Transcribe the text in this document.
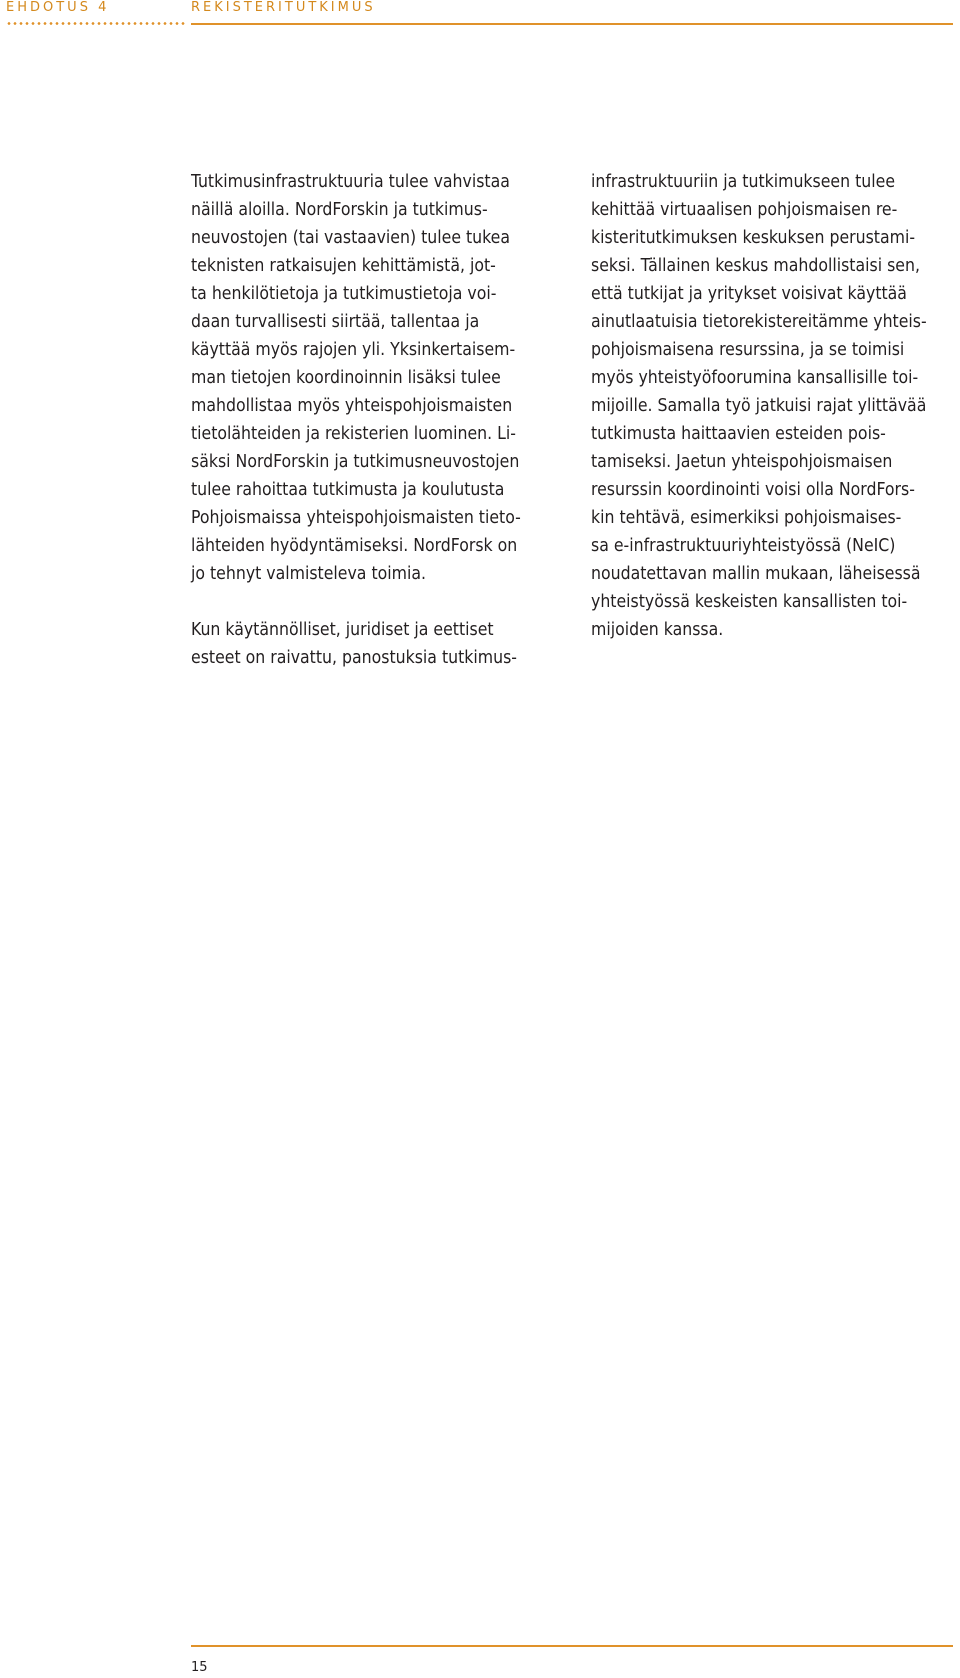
EHDOTUS 4	REKISTERITUTKIMUS
Tutkimusinfrastruktuuria tulee vahvistaa
näillä aloilla. NordForskin ja tutkimus-
neuvostojen (tai vastaavien) tulee tukea
teknisten ratkaisujen kehittämistä, jot-
ta henkilötietoja ja tutkimustietoja voi-
daan turvallisesti siirtää, tallentaa ja
käyttää myös rajojen yli. Yksinkertaisem-
man tietojen koordinoinnin lisäksi tulee
mahdollistaa myös yhteispohjoismaisten
tietolähteiden ja rekisterien luominen. Li-
säksi NordForskin ja tutkimusneuvostojen
tulee rahoittaa tutkimusta ja koulutusta
Pohjoismaissa yhteispohjoismaisten tieto-
lähteiden hyödyntämiseksi. NordForsk on
jo tehnyt valmisteleva toimia.
Kun käytännölliset, juridiset ja eettiset
esteet on raivattu, panostuksia tutkimus-
infrastruktuuriin ja tutkimukseen tulee
kehittää virtuaalisen pohjoismaisen re-
kisteritutkimuksen keskuksen perustami-
seksi. Tällainen keskus mahdollistaisi sen,
että tutkijat ja yritykset voisivat käyttää
ainutlaatuisia tietorekistereitämme yhteis-
pohjoismaisena resurssina, ja se toimisi
myös yhteistyöfoorumina kansallisille toi-
mijoille. Samalla työ jatkuisi rajat ylittävää
tutkimusta haittaavien esteiden pois-
tamiseksi. Jaetun yhteispohjoismaisen
resurssin koordinointi voisi olla NordFors-
kin tehtävä, esimerkiksi pohjoismaises-
sa e-infrastruktuuriyhteistyössä (NeIC)
noudatettavan mallin mukaan, läheisessä
yhteistyössä keskeisten kansallisten toi-
mijoiden kanssa.
15
